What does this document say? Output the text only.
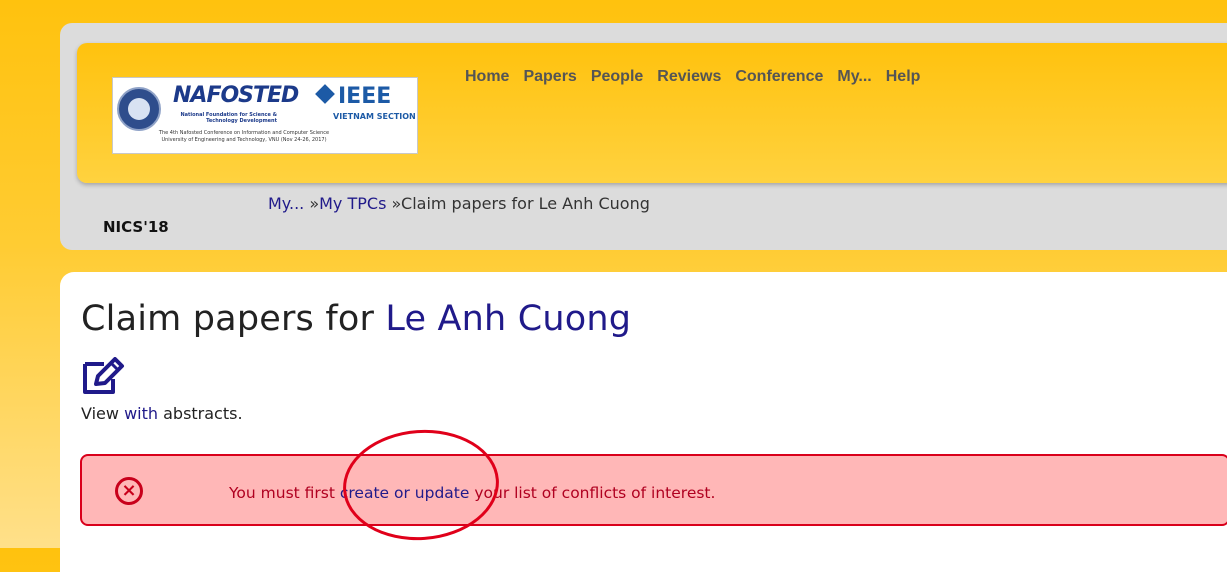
NAFOSTED
National Foundation for Science & Technology Development
IEEE
VIETNAM SECTION
The 4th Nafosted Conference on Information and Computer Science
University of Engineering and Technology, VNU (Nov 24-26, 2017)
Home Papers People Reviews Conference My... Help
My... »My TPCs »Claim papers for Le Anh Cuong
NICS'18
Claim papers for Le Anh Cuong
View with abstracts.
×	You must first create or update your list of conflicts of interest.
